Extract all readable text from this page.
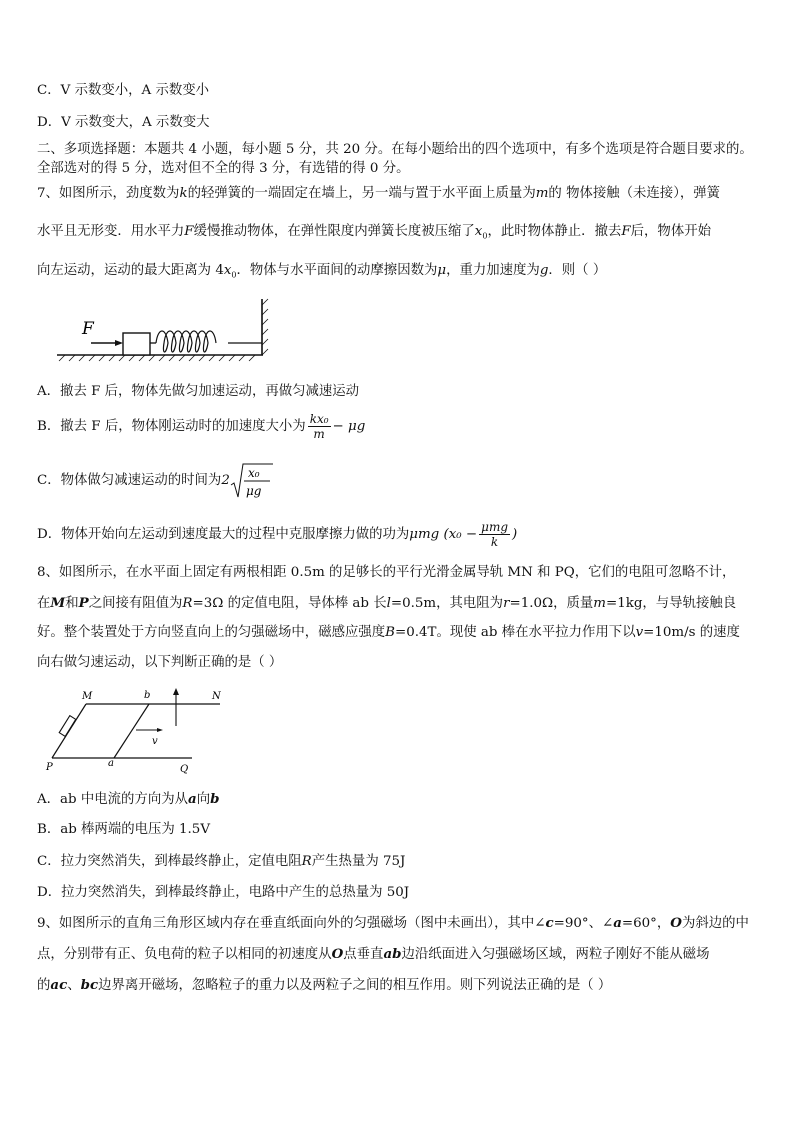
C．V 示数变小，A 示数变小
D．V 示数变大，A 示数变大
二、多项选择题：本题共 4 小题，每小题 5 分，共 20 分。在每小题给出的四个选项中，有多个选项是符合题目要求的。
全部选对的得 5 分，选对但不全的得 3 分，有选错的得 0 分。
7、如图所示，劲度数为k的轻弹簧的一端固定在墙上，另一端与置于水平面上质量为m的 物体接触（未连接），弹簧
水平且无形变．用水平力F缓慢推动物体，在弹性限度内弹簧长度被压缩了$x_0$，此时物体静止．撤去F后，物体开始
向左运动，运动的最大距离为 $4x_0$．物体与水平面间的动摩擦因数为μ，重力加速度为g．则（ ）
F
A．撤去 F 后，物体先做匀加速运动，再做匀减速运动
B．撤去 F 后，物体刚运动时的加速度大小为 $\frac{\text{kx₀}}{m} - \mu g$
C．物体做匀减速运动的时间为2
x₀
μg
D．物体开始向左运动到速度最大的过程中克服摩擦力做的功为μmg ($x_0 - \frac{\text{μmg}}{k}$ )
8、如图所示，在水平面上固定有两根相距 0.5m 的足够长的平行光滑金属导轨 MN 和 PQ，它们的电阻可忽略不计，
在M和P之间接有阻值为R=3Ω 的定值电阻，导体棒 ab 长l=0.5m，其电阻为r=1.0Ω，质量m=1kg，与导轨接触良
好。整个装置处于方向竖直向上的匀强磁场中，磁感应强度B=0.4T。现使 ab 棒在水平拉力作用下以v=10m/s 的速度
向右做匀速运动，以下判断正确的是（ ）
v
M	b	N
P	a
Q
A．ab 中电流的方向为从a向b
B．ab 棒两端的电压为 1.5V
C．拉力突然消失，到棒最终静止，定值电阻R产生热量为 75J
D．拉力突然消失，到棒最终静止，电路中产生的总热量为 50J
9、如图所示的直角三角形区域内存在垂直纸面向外的匀强磁场（图中未画出），其中∠c=90°、∠a=60°，O为斜边的中
点，分别带有正、负电荷的粒子以相同的初速度从O点垂直ab边沿纸面进入匀强磁场区域，两粒子刚好不能从磁场
的ac、bc边界离开磁场，忽略粒子的重力以及两粒子之间的相互作用。则下列说法正确的是（ ）
